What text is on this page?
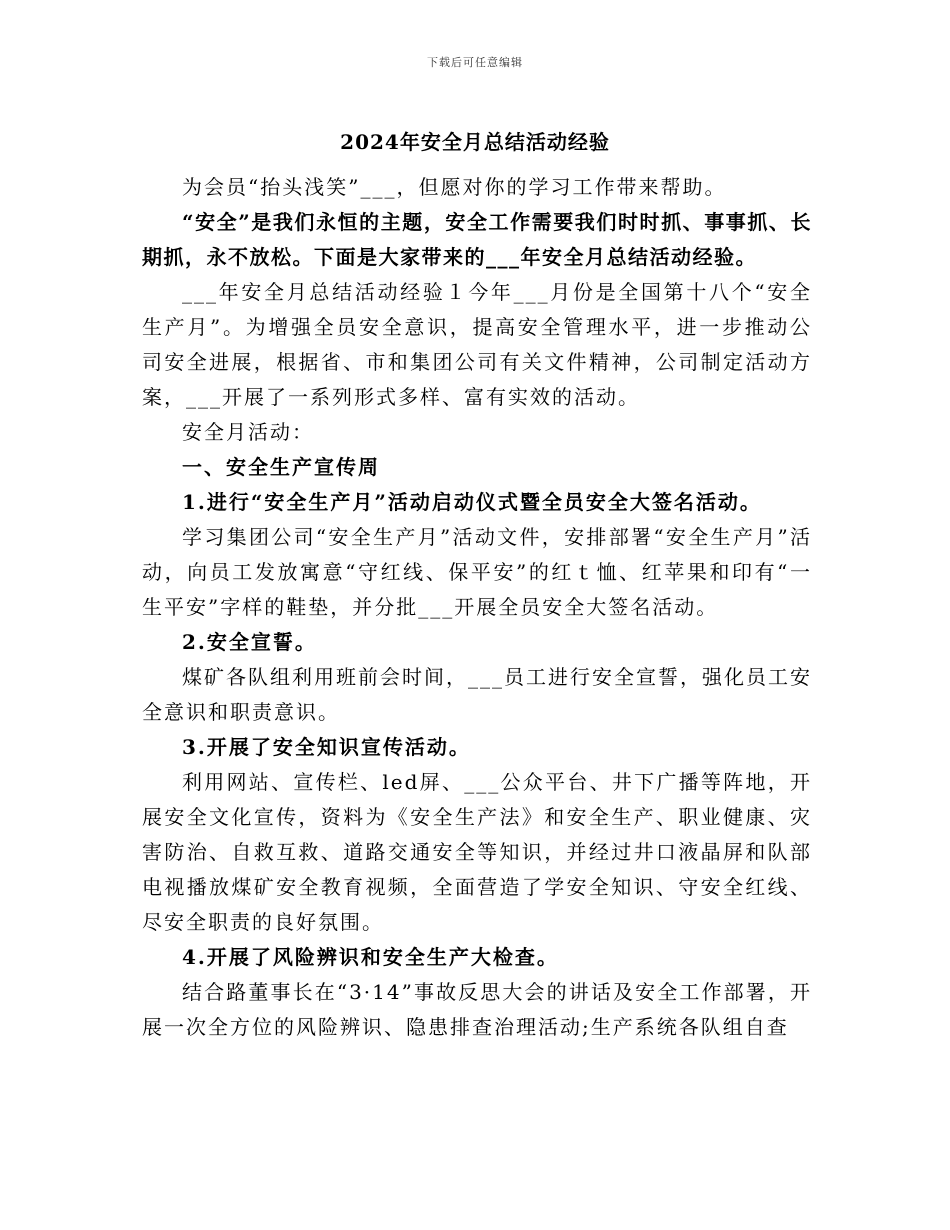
下载后可任意编辑
2024年安全月总结活动经验

为会员“抬头浅笑”___，但愿对你的学习工作带来帮助。

“安全”是我们永恒的主题，安全工作需要我们时时抓、事事抓、长期抓，永不放松。下面是大家带来的___年安全月总结活动经验。

___年安全月总结活动经验１今年___月份是全国第十八个“安全生产月”。为增强全员安全意识，提高安全管理水平，进一步推动公司安全进展，根据省、市和集团公司有关文件精神，公司制定活动方案，___开展了一系列形式多样、富有实效的活动。

安全月活动：

一、安全生产宣传周

1.进行“安全生产月”活动启动仪式暨全员安全大签名活动。

学习集团公司“安全生产月”活动文件，安排部署“安全生产月”活动，向员工发放寓意“守红线、保平安”的红ｔ恤、红苹果和印有“一生平安”字样的鞋垫，并分批___开展全员安全大签名活动。

2.安全宣誓。

煤矿各队组利用班前会时间，___员工进行安全宣誓，强化员工安全意识和职责意识。

3.开展了安全知识宣传活动。

利用网站、宣传栏、led屏、___公众平台、井下广播等阵地，开展安全文化宣传，资料为《安全生产法》和安全生产、职业健康、灾害防治、自救互救、道路交通安全等知识，并经过井口液晶屏和队部电视播放煤矿安全教育视频，全面营造了学安全知识、守安全红线、尽安全职责的良好氛围。

4.开展了风险辨识和安全生产大检查。

结合路董事长在“3·14”事故反思大会的讲话及安全工作部署，开展一次全方位的风险辨识、隐患排查治理活动;生产系统各队组自查
